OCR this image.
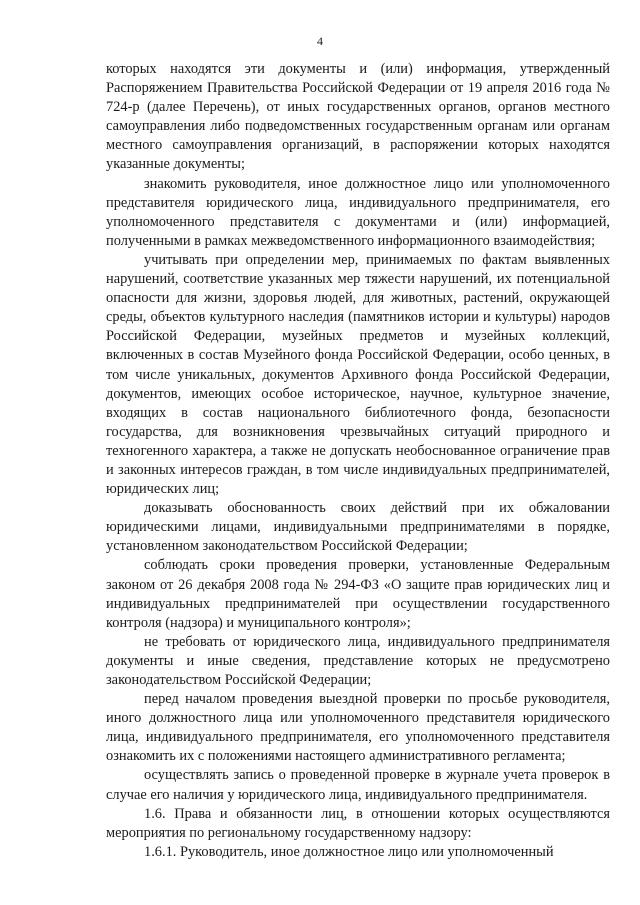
4

которых находятся эти документы и (или) информация, утвержденный Распоряжением Правительства Российской Федерации от 19 апреля 2016 года № 724-р (далее Перечень), от иных государственных органов, органов местного самоуправления либо подведомственных государственным органам или органам местного самоуправления организаций, в распоряжении которых находятся указанные документы;

знакомить руководителя, иное должностное лицо или уполномоченного представителя юридического лица, индивидуального предпринимателя, его уполномоченного представителя с документами и (или) информацией, полученными в рамках межведомственного информационного взаимодействия;

учитывать при определении мер, принимаемых по фактам выявленных нарушений, соответствие указанных мер тяжести нарушений, их потенциальной опасности для жизни, здоровья людей, для животных, растений, окружающей среды, объектов культурного наследия (памятников истории и культуры) народов Российской Федерации, музейных предметов и музейных коллекций, включенных в состав Музейного фонда Российской Федерации, особо ценных, в том числе уникальных, документов Архивного фонда Российской Федерации, документов, имеющих особое историческое, научное, культурное значение, входящих в состав национального библиотечного фонда, безопасности государства, для возникновения чрезвычайных ситуаций природного и техногенного характера, а также не допускать необоснованное ограничение прав и законных интересов граждан, в том числе индивидуальных предпринимателей, юридических лиц;

доказывать обоснованность своих действий при их обжаловании юридическими лицами, индивидуальными предпринимателями в порядке, установленном законодательством Российской Федерации;

соблюдать сроки проведения проверки, установленные Федеральным законом от 26 декабря 2008 года № 294-ФЗ «О защите прав юридических лиц и индивидуальных предпринимателей при осуществлении государственного контроля (надзора) и муниципального контроля»;

не требовать от юридического лица, индивидуального предпринимателя документы и иные сведения, представление которых не предусмотрено законодательством Российской Федерации;

перед началом проведения выездной проверки по просьбе руководителя, иного должностного лица или уполномоченного представителя юридического лица, индивидуального предпринимателя, его уполномоченного представителя ознакомить их с положениями настоящего административного регламента;

осуществлять запись о проведенной проверке в журнале учета проверок в случае его наличия у юридического лица, индивидуального предпринимателя.

1.6. Права и обязанности лиц, в отношении которых осуществляются мероприятия по региональному государственному надзору:

1.6.1. Руководитель, иное должностное лицо или уполномоченный
